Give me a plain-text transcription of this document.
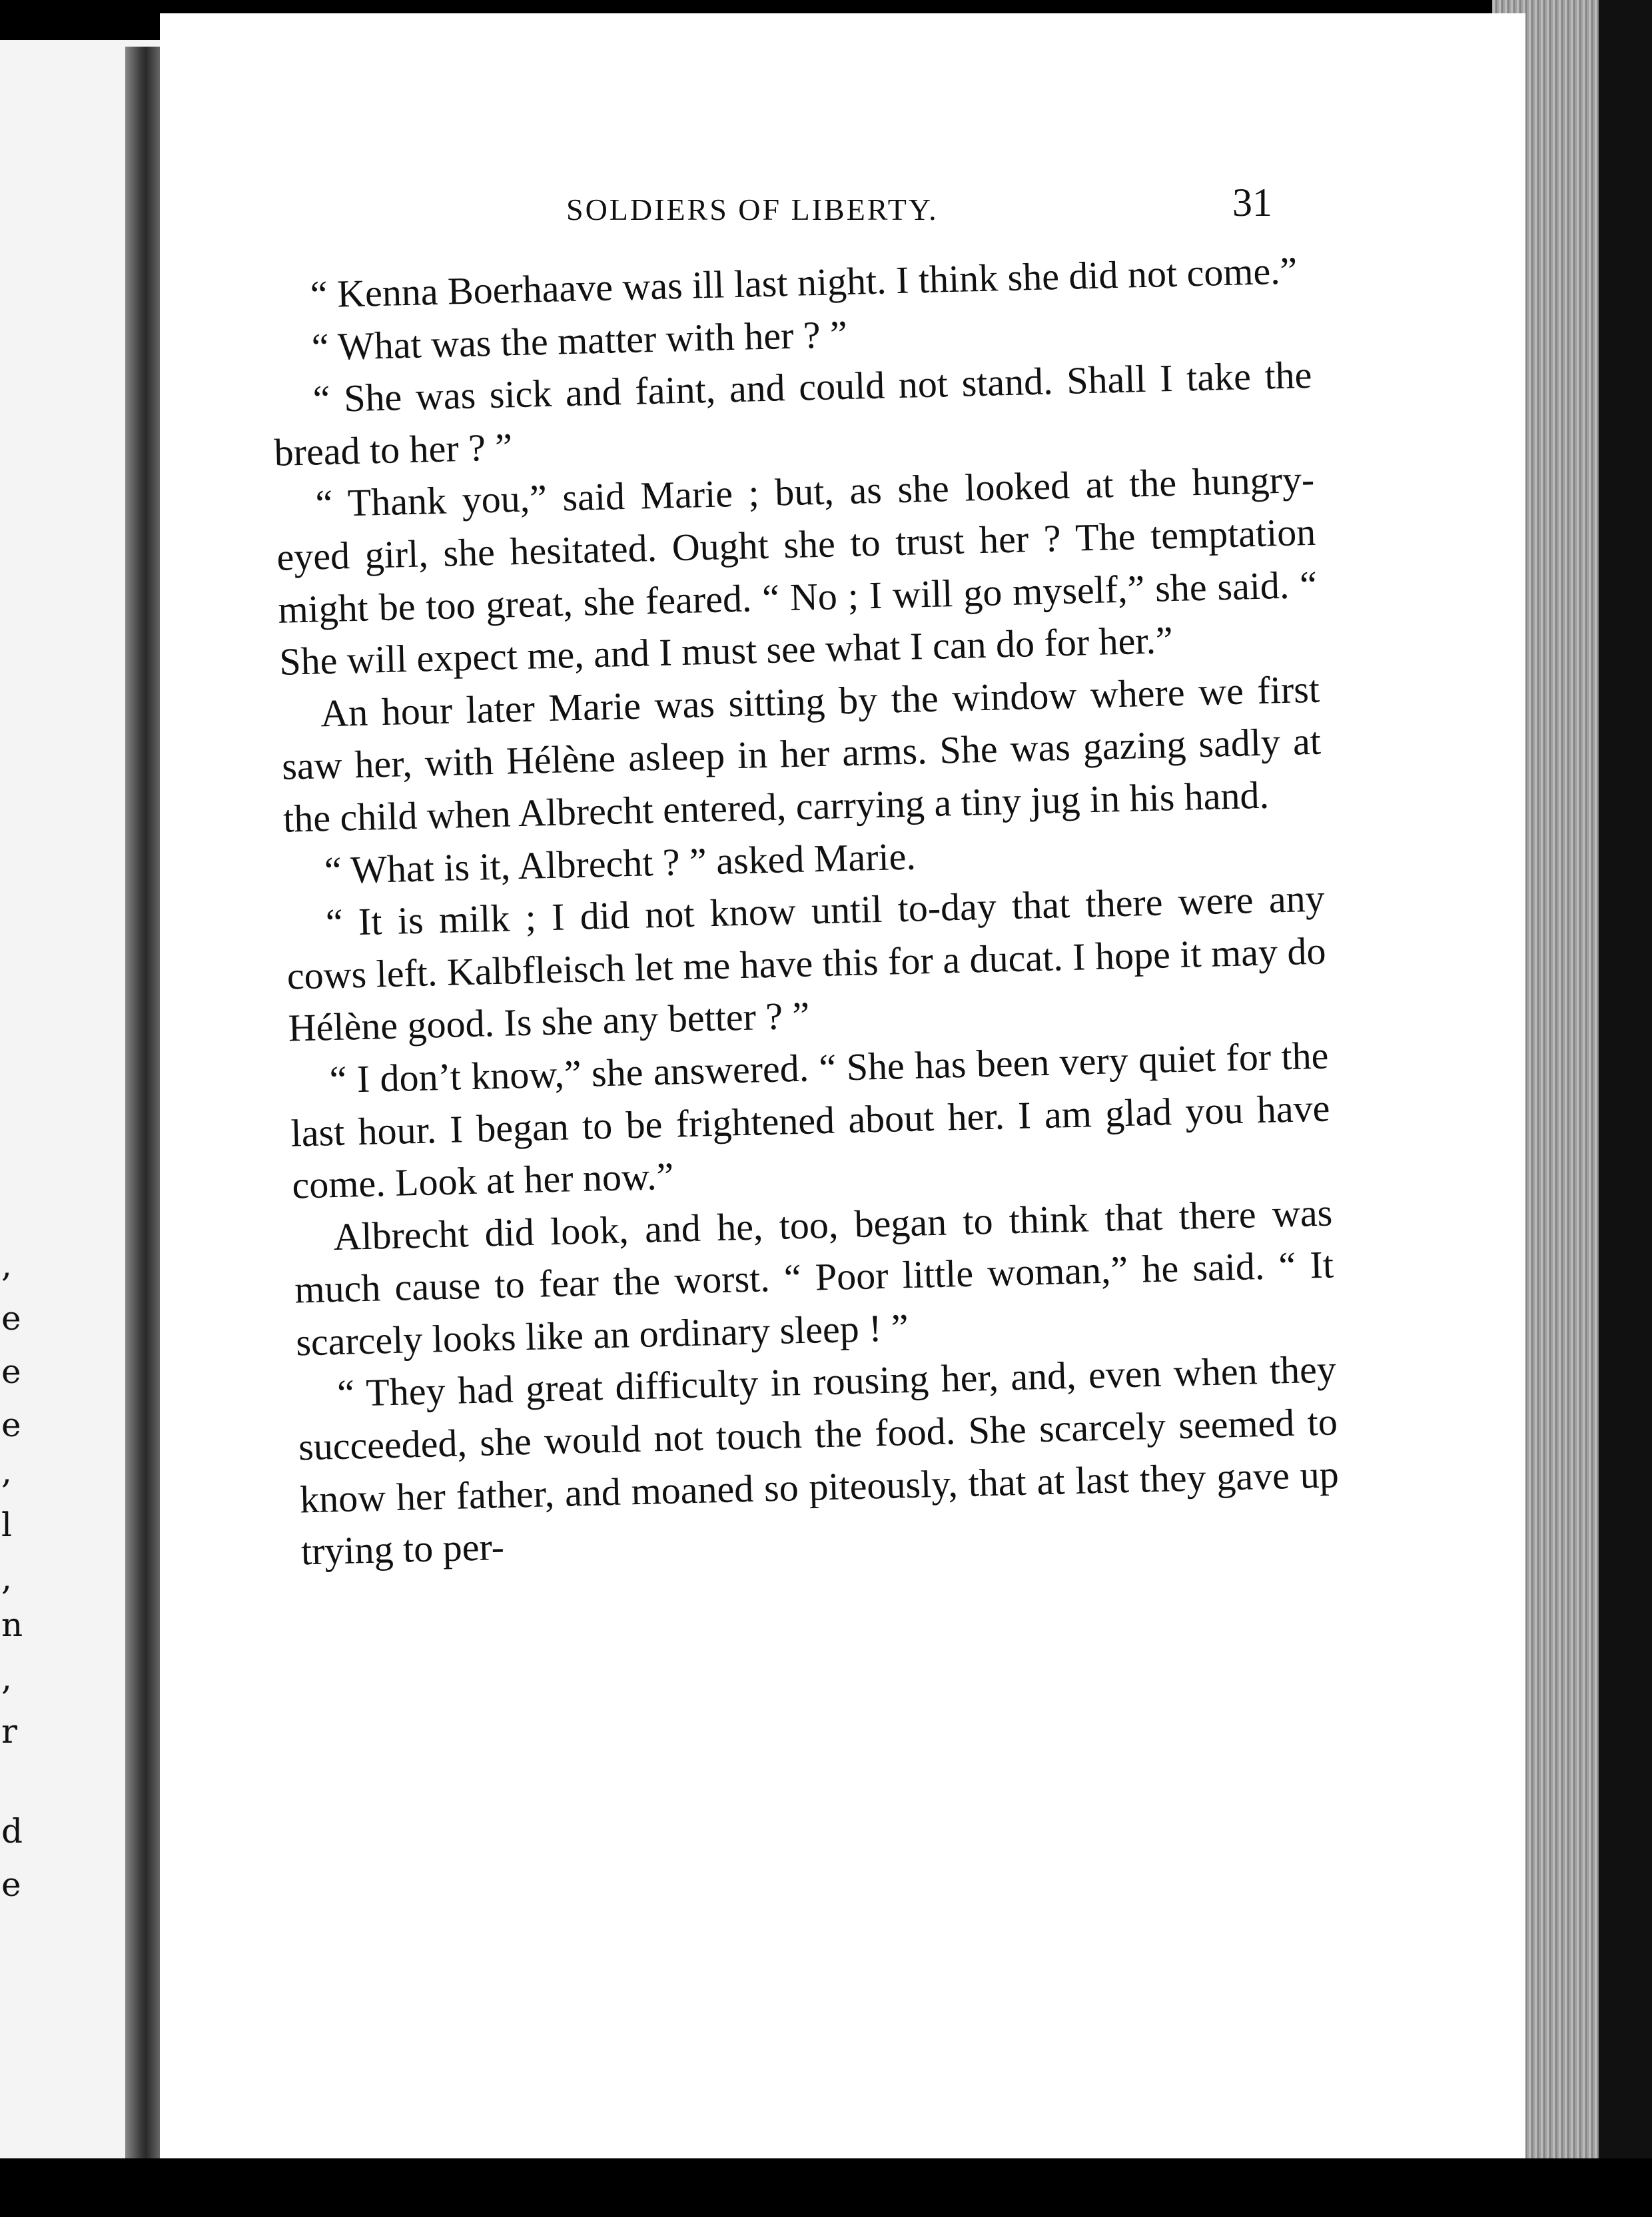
,
e
e
e
,
l
,
n
,
r
d
e
SOLDIERS OF LIBERTY.	31

“ Kenna Boerhaave was ill last night. I think she did not come.”

“ What was the matter with her ? ”

“ She was sick and faint, and could not stand. Shall I take the bread to her ? ”

“ Thank you,” said Marie ; but, as she looked at the hungry-eyed girl, she hesitated. Ought she to trust her ? The temptation might be too great, she feared. “ No ; I will go myself,” she said. “ She will expect me, and I must see what I can do for her.”

An hour later Marie was sitting by the window where we first saw her, with Hélène asleep in her arms. She was gazing sadly at the child when Albrecht entered, carrying a tiny jug in his hand.

“ What is it, Albrecht ? ” asked Marie.

“ It is milk ; I did not know until to-day that there were any cows left. Kalbfleisch let me have this for a ducat. I hope it may do Hélène good. Is she any better ? ”

“ I don’t know,” she answered. “ She has been very quiet for the last hour. I began to be frightened about her. I am glad you have come. Look at her now.”

Albrecht did look, and he, too, began to think that there was much cause to fear the worst. “ Poor little woman,” he said. “ It scarcely looks like an ordinary sleep ! ”

“ They had great difficulty in rousing her, and, even when they succeeded, she would not touch the food. She scarcely seemed to know her father, and moaned so piteously, that at last they gave up trying to per-
